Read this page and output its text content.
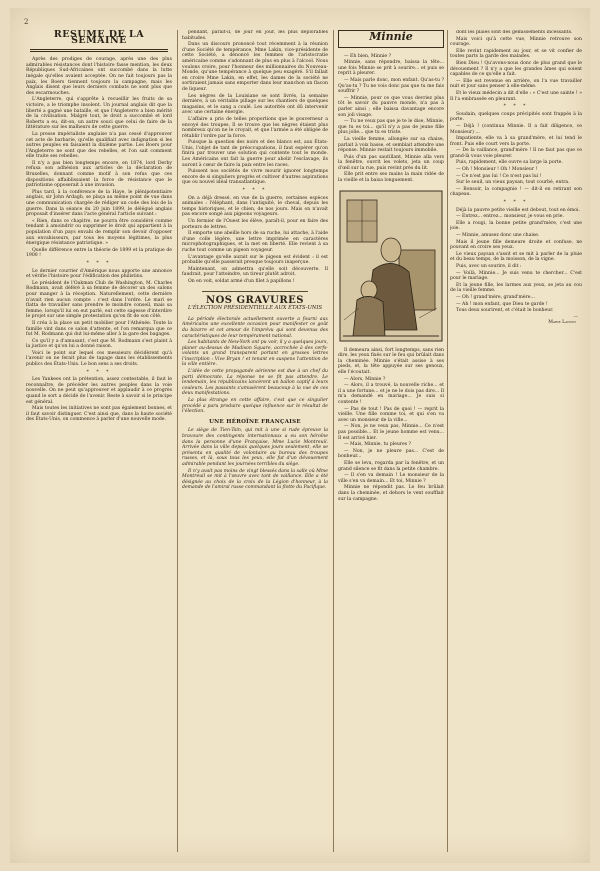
2
RÉSUMÉ DE LA SEMAINE

Après des prodiges de courage, après une des plus admirables résistances dont l'histoire fasse mention, les deux Républiques Sud-Africaines ont succombé dans la lutte inégale qu'elles avaient acceptée. On ne fait toujours pas la paix, les Boers tiennent toujours la campagne, mais les Anglais disent que leurs derniers combats ne sont plus que des escarmouches.

L'Angleterre, qui s'apprête à recueillir les fruits de sa victoire, a le triomphe insolent. Un journal anglais dit que la liberté a gagné une bataille, et que l'Angleterre a bien mérité de la civilisation. Malgré tout, le droit a succombé et lord Roberts a eu, dit-on, un autre souci que celui de faire de la littérature sur les malheurs de cette guerre.

La presse impérialiste anglaise n'a pas cessé d'approuver cet acte de barbarie, qu'elle qualifiait avec indignation si les autres peuples en faisaient la dixième partie. Les Boers pour l'Angleterre ne sont que des rebelles, et l'on sait comment elle traite ses rebelles.

Il n'y a pas bien longtemps encore, en 1874, lord Derby refusa son adhésion aux articles de la déclaration de Bruxelles, donnant comme motif à son refus que ces dispositions affaiblissaient la force de résistance que le patriotisme opposerait à une invasion.

Plus tard, à la conférence de la Haye, le plénipotentiaire anglais, sir John Ardagh, se plaça au même point de vue dans une communication chargée de rédiger un code des lois de la guerre. Dans la séance du 20 juin 1899, le délégué anglais proposait d'insérer dans l'acte général l'article suivant :

« Rien, dans ce chapitre, ne pourra être considéré comme tendant à amoindrir ou supprimer le droit qui appartient à la population d'un pays envahi de remplir son devoir d'opposer aux envahisseurs, par tous les moyens légitimes, la plus énergique résistance patriotique. »

Quelle différence entre la théorie de 1899 et la pratique de 1900 !

* * *

Le dernier courrier d'Amérique nous apporte une annonce et vérifie l'histoire pour l'édification des philistins.

Le président de l'Oakman Club de Washington, M. Charles Rodmann, avait déféré à sa femme de décorer un des salons pour manger à la réception. Naturellement, cette dernière n'avait rien aucun compte : c'est dans l'ordre. Le mari se flatta de travailler sans prendre le moindre conseil, mais sa femme, lorsqu'il lui en eut parlé, eut cette sagesse d'interdire le projet sur une simple protestation qu'on fit de son côté.

Il créa à la place un petit mobilier pour l'Athénée. Toute la famille vint dans ce salon d'attente, et l'on remarqua que ce fut M. Rodmann qui dut lui-même aller à la gare des bagages.

Ce qu'il y a d'amusant, c'est que M. Rodmann s'est plaint à la justice et qu'on lui a donné raison.

Voici le point sur lequel ces messieurs décidèrent qu'à l'avenir on ne ferait plus de tapage dans les établissements publics des États-Unis. Le bon sens a ses droits.

* * *

Les Yankees ont la prétention, assez contestable, il faut le reconnaître, de précéder les autres peuples dans la voie nouvelle. On ne peut qu'approuver et applaudir à ce progrès quand le sort a décidé de l'avenir. Reste à savoir si le principe est général.

Mais toutes les initiatives ne sont pas également bonnes, et il faut savoir distinguer. C'est ainsi que, dans la haute société des États-Unis, on commence à parler d'une nouvelle mode.

pendant, paraît-il, de jour en jour, les plus déplorables habitudes.

Dans un discours prononcé tout récemment à la réunion d'une Société de tempérance, Mme Lakin, vice-présidente de cette Société, a dénoncé les femmes de l'aristocratie américaine comme s'adonnant de plus en plus à l'alcool. Nous voulons croire, pour l'honneur des millionnaires du Nouveau-Monde, qu'une tempérance à quelque peu exagéré. S'il fallait en croire Mme Lakin, en effet, les dames de la société ne sortiraient jamais sans emporter dans leur manchon un flacon de liqueur.

Les nègres de la Louisiane se sont livrés, la semaine dernière, à un véritable pillage sur les chantiers de quelques magasins, et le sang a coulé. Les autorités ont dû intervenir avec une certaine énergie.

L'affaire a pris de telles proportions que le gouverneur a envoyé des troupes. Il se trouve que les nègres étaient plus nombreux qu'on ne le croyait, et que l'armée a été obligée de rétablir l'ordre par la force.

Puisque la question des noirs et des blancs est, aux États-Unis, l'objet de tant de préoccupations, il faut espérer qu'on finira par trouver une solution qui contente tout le monde. Les Américains ont fait la guerre pour abolir l'esclavage, ils auront à cœur de faire la paix entre les races.

Puissent nos sociétés de vivre mourir ignorer longtemps encore de si singuliers progrès et cultiver d'autres aspirations que ou nouvel idéal transatlantique.

* * *

On a déjà dressé, en vue de la guerre, certaines espèces animales : l'éléphant, dans l'antiquité, le cheval, depuis les temps historiques, et le chien, de nos jours. Mais on n'avait pas encore songé aux pigeons voyageurs.

Un fermier de l'Ouest les élève, paraît-il, pour en faire des porteurs de lettres.

Il emporte une abeille hors de sa ruche, lui attache, à l'aide d'une colle légère, une lettre imprimée en caractères microphotographiques, et la met en liberté. Elle revient à sa ruche tout comme un pigeon voyageur.

L'avantage qu'elle aurait sur le pigeon est évident : il est probable qu'elle passerait presque toujours inaperçue.

Maintenant, on admettra qu'elle soit découverte. Il faudrait, pour l'atteindre, un tireur plutôt adroit.

On en voit, soldat armé d'un filet à papillons !

NOS GRAVURES
L'ÉLECTION PRÉSIDENTIELLE AUX ÉTATS-UNIS

La période électorale actuellement ouverte a fourni aux Américains une excellente occasion pour manifester ce goût du bizarre et cet amour de l'imprévu qui sont devenus des caractéristiques de leur tempérament national.

Les habitants de New-York ont pu voir, il y a quelques jours, planer au-dessus de Madison Square, accrochée à des cerfs-volants un grand transparent portant en grosses lettres l'inscription : Vive Bryan ! et tenant en suspens l'attention de la ville entière.

L'idée de cette propagande aérienne est due à un chef du parti démocrate. La réponse ne se fit pas attendre. Le lendemain, les républicains lancèrent un ballon captif à leurs couleurs. Les passants s'amusèrent beaucoup à la vue de ces deux manifestations.

La plus étrange en cette affaire, c'est que ce singulier procédé a paru produire quelque influence sur le résultat de l'élection.

UNE HÉROÏNE FRANÇAISE

Le siège de Tien-Tsin, qui mit à une si rude épreuve la bravoure des contingents internationaux a eu son héroïne dans la personne d'une Française, Mme Lucie Montreuil. Arrivée dans la ville depuis quelques jours seulement, elle se présenta en qualité de volontaire au bureau des troupes russes, et là, sous tous les yeux, elle fut d'un dévouement admirable pendant les journées terribles du siège.

Il n'y avait pas moins de vingt blessés dans la salle où Mme Montreuil se mit à l'œuvre avec tant de vaillance. Elle a été désignée au choix de la croix de la Légion d'honneur, à la demande de l'amiral russe commandant la flotte du Pacifique.

Minnie

— Eh bien, Minnie ?

Minnie, sans répondre, baissa la tête... une fois Minnie se prit à sourire... et puis se reprit à pleurer.

— Mais parle donc, mon enfant. Qu'as-tu ? Qu'as-tu ? Tu ne vois donc pas que tu me fais souffrir ?

— Minnie, pour ce que vous devriez plus tôt le savoir du pauvre monde, n'a pas à parler ainsi ; elle baissa davantage encore son joli visage.

— Tu ne veux pas que je te le dise, Minnie, que tu es toi... qu'il n'y a pas de jeune fille plus jolie... que tu es triste.

La vieille femme, allongée sur sa chaise, parlait à voix basse, et semblait attendre une réponse. Minnie restait toujours immobile.

Puis d'un pas sautillant, Minnie alla vers la fenêtre, ouvrit les volets, jeta un coup d'œil sur la rue, puis revint près du lit.

Elle prit entre ses mains la main ridée de la vieille et la baisa longuement.

Il demeura ainsi, fort longtemps, sans rien dire, les yeux fixés sur le feu qui brûlait dans la cheminée. Minnie s'était assise à ses pieds, et, la tête appuyée sur ses genoux, elle l'écoutait.

— Alors, Minnie ?

— Alors, il a trouvé, la nouvelle riche... et il a une fortune... et je ne le dois pas dire... Il m'a demandé en mariage... Je suis si contente !

— Pas de tout ! Pas de quoi ! — reprit la vieille. Une fille comme toi, et qui s'en va avec un monsieur de la ville...

— Non, je ne veux pas, Minnie... Ce n'est pas possible... Et le jeune homme est venu... Il est arrivé hier.

— Mais, Minnie, tu pleures ?

— Non, je ne pleure pas... C'est de bonheur...

Elle se leva, regarda par la fenêtre, et un grand silence se fit dans la petite chambre.

— Il s'en va demain ! Le monsieur de la ville s'en va demain... Et toi, Minnie ?

Minnie ne répondit pas. Le feu brûlait dans la cheminée, et dehors le vent soufflait sur la campagne.

dont les plaies sont des gémissements incessants.

Mais voici qu'à cette vue, Minnie retrouve son courage.

Elle revint rapidement au jour, et se vit confier de toutes parts la garde des malades.

Bien Dieu ! Qu'avons-nous donc de plus grand que le dévouement ? Il n'y a que les grandes âmes qui soient capables de ce qu'elle a fait.

— Elle est revenue en arrière, on l'a vue travailler nuit et jour sans penser à elle-même.

Et le vieux médecin a dit d'elle : « C'est une sainte ! » Il l'a embrassée en pleurant.

* * *

Soudain, quelques coups précipités sont frappés à la porte.

— Déjà ! (continua Minnie. Il a fait diligence, ce Monsieur) ...

Impatiente, elle va à sa grand'mère, et lui tend le front. Puis elle court vers la porte.

— De la vaillance, grand'mère ! Il ne faut pas que ce grand-là vous voie pleurer.

Puis, rapidement, elle ouvre sa large la porte.

— Oh ! Monsieur ! Oh ! Monsieur !

— Ce n'est pas lui ! Ce n'est pas lui !

Sur le seuil, un vieux paysan, tout courbé, entra.

— Bonsoir, la compagnie ! — dit-il en retirant son chapeau.

* * *

Déjà la pauvre petite vieille est debout, tout en émoi.

— Entrez... entrez... monsieur, je vous en prie.

Elle a rougi, la bonne petite grand'mère, c'est une joie.

— Minnie, amusez donc une chaise.

Mais il jeune fille demeure droite et confuse, ne pouvant en croire ses yeux.

Le vieux paysan s'assit et se mit à parler de la pluie et du beau temps, de la moisson, de la vigne.

Puis, avec un sourire, il dit :

— Voilà, Minnie... Je suis venu te chercher... C'est pour le mariage.

Et la jeune fille, les larmes aux yeux, se jeta au cou de la vieille femme.

— Oh ! grand'mère, grand'mère...

— Ah ! mon enfant, que Dieu te garde !

Tous deux sourirent, et c'était le bonheur.

—
Marie Lanvin
